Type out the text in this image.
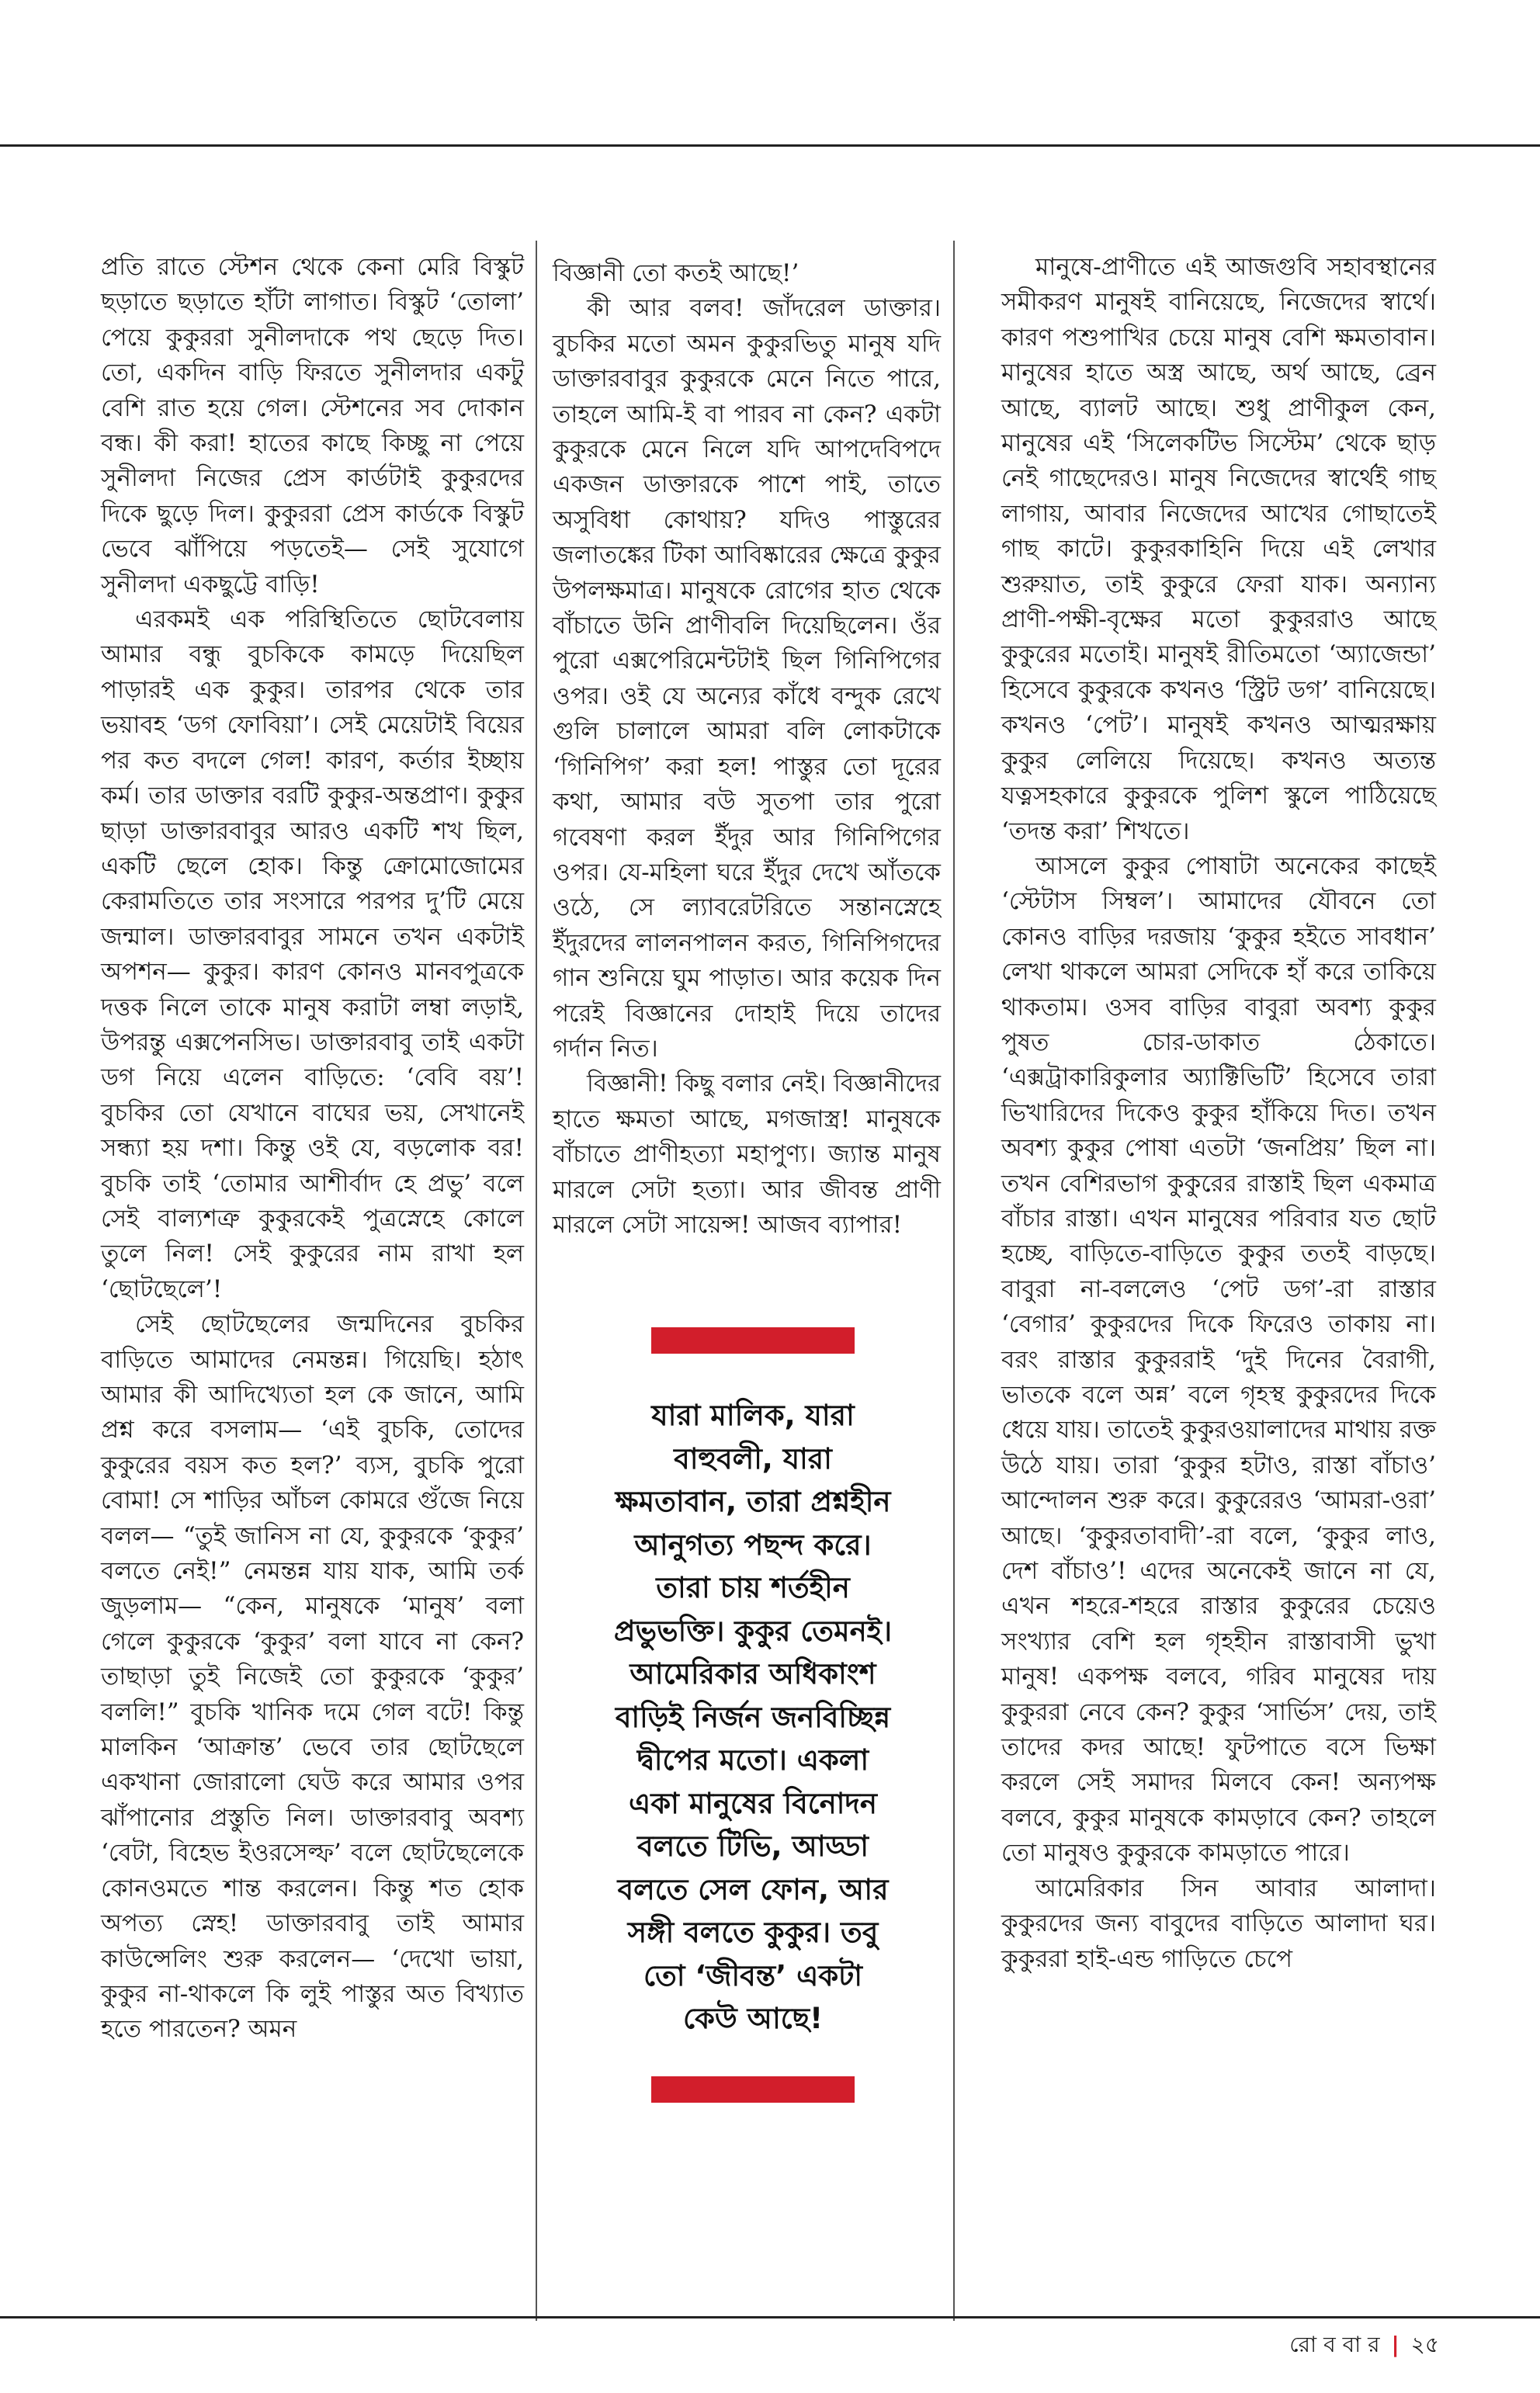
প্রতি রাতে স্টেশন থেকে কেনা মেরি বিস্কুট ছড়াতে ছড়াতে হাঁটা লাগাত। বিস্কুট ‘তোলা’ পেয়ে কুকুররা সুনীলদাকে পথ ছেড়ে দিত। তো, একদিন বাড়ি ফিরতে সুনীলদার একটু বেশি রাত হয়ে গেল। স্টেশনের সব দোকান বন্ধ। কী করা! হাতের কাছে কিচ্ছু না পেয়ে সুনীলদা নিজের প্রেস কার্ডটাই কুকুরদের দিকে ছুড়ে দিল। কুকুররা প্রেস কার্ডকে বিস্কুট ভেবে ঝাঁপিয়ে পড়তেই— সেই সুযোগে সুনীলদা একছুট্টে বাড়ি!

এরকমই এক পরিস্থিতিতে ছোটবেলায় আমার বন্ধু বুচকিকে কামড়ে দিয়েছিল পাড়ারই এক কুকুর। তারপর থেকে তার ভয়াবহ ‘ডগ ফোবিয়া’। সেই মেয়েটাই বিয়ের পর কত বদলে গেল! কারণ, কর্তার ইচ্ছায় কর্ম। তার ডাক্তার বরটি কুকুর-অন্তপ্রাণ। কুকুর ছাড়া ডাক্তারবাবুর আরও একটি শখ ছিল, একটি ছেলে হোক। কিন্তু ক্রোমোজোমের কেরামতিতে তার সংসারে পরপর দু’টি মেয়ে জন্মাল। ডাক্তারবাবুর সামনে তখন একটাই অপশন— কুকুর। কারণ কোনও মানবপুত্রকে দত্তক নিলে তাকে মানুষ করাটা লম্বা লড়াই, উপরন্তু এক্সপেনসিভ। ডাক্তারবাবু তাই একটা ডগ নিয়ে এলেন বাড়িতে: ‘বেবি বয়’! বুচকির তো যেখানে বাঘের ভয়, সেখানেই সন্ধ্যা হয় দশা। কিন্তু ওই যে, বড়লোক বর! বুচকি তাই ‘তোমার আশীর্বাদ হে প্রভু’ বলে সেই বাল্যশত্রু কুকুরকেই পুত্রস্নেহে কোলে তুলে নিল! সেই কুকুরের নাম রাখা হল ‘ছোটছেলে’!

সেই ছোটছেলের জন্মদিনের বুচকির বাড়িতে আমাদের নেমন্তন্ন। গিয়েছি। হঠাৎ আমার কী আদিখ্যেতা হল কে জানে, আমি প্রশ্ন করে বসলাম— ‘এই বুচকি, তোদের কুকুরের বয়স কত হল?’ ব্যস, বুচকি পুরো বোমা! সে শাড়ির আঁচল কোমরে গুঁজে নিয়ে বলল— “তুই জানিস না যে, কুকুরকে ‘কুকুর’ বলতে নেই!” নেমন্তন্ন যায় যাক, আমি তর্ক জুড়লাম— “কেন, মানুষকে ‘মানুষ’ বলা গেলে কুকুরকে ‘কুকুর’ বলা যাবে না কেন? তাছাড়া তুই নিজেই তো কুকুরকে ‘কুকুর’ বললি!” বুচকি খানিক দমে গেল বটে! কিন্তু মালকিন ‘আক্রান্ত’ ভেবে তার ছোটছেলে একখানা জোরালো ঘেউ করে আমার ওপর ঝাঁপানোর প্রস্তুতি নিল। ডাক্তারবাবু অবশ্য ‘বেটা, বিহেভ ইওরসেল্ফ’ বলে ছোটছেলেকে কোনওমতে শান্ত করলেন। কিন্তু শত হোক অপত্য স্নেহ! ডাক্তারবাবু তাই আমার কাউন্সেলিং শুরু করলেন— ‘দেখো ভায়া, কুকুর না-থাকলে কি লুই পাস্তুর অত বিখ্যাত হতে পারতেন? অমন

বিজ্ঞানী তো কতই আছে!’

কী আর বলব! জাঁদরেল ডাক্তার। বুচকির মতো অমন কুকুরভিতু মানুষ যদি ডাক্তারবাবুর কুকুরকে মেনে নিতে পারে, তাহলে আমি-ই বা পারব না কেন? একটা কুকুরকে মেনে নিলে যদি আপদেবিপদে একজন ডাক্তারকে পাশে পাই, তাতে অসুবিধা কোথায়? যদিও পাস্তুরের জলাতঙ্কের টিকা আবিষ্কারের ক্ষেত্রে কুকুর উপলক্ষমাত্র। মানুষকে রোগের হাত থেকে বাঁচাতে উনি প্রাণীবলি দিয়েছিলেন। ওঁর পুরো এক্সপেরিমেন্টটাই ছিল গিনিপিগের ওপর। ওই যে অন্যের কাঁধে বন্দুক রেখে গুলি চালালে আমরা বলি লোকটাকে ‘গিনিপিগ’ করা হল! পাস্তুর তো দূরের কথা, আমার বউ সুতপা তার পুরো গবেষণা করল ইঁদুর আর গিনিপিগের ওপর। যে-মহিলা ঘরে ইঁদুর দেখে আঁতকে ওঠে, সে ল্যাবরেটরিতে সন্তানস্নেহে ইঁদুরদের লালনপালন করত, গিনিপিগদের গান শুনিয়ে ঘুম পাড়াত। আর কয়েক দিন পরেই বিজ্ঞানের দোহাই দিয়ে তাদের গর্দান নিত।

বিজ্ঞানী! কিছু বলার নেই। বিজ্ঞানীদের হাতে ক্ষমতা আছে, মগজাস্ত্র! মানুষকে বাঁচাতে প্রাণীহত্যা মহাপুণ্য। জ্যান্ত মানুষ মারলে সেটা হত্যা। আর জীবন্ত প্রাণী মারলে সেটা সায়েন্স! আজব ব্যাপার!

যারা মালিক, যারা বাহুবলী, যারা ক্ষমতাবান, তারা প্রশ্নহীন আনুগত্য পছন্দ করে। তারা চায় শর্তহীন প্রভুভক্তি। কুকুর তেমনই। আমেরিকার অধিকাংশ বাড়িই নির্জন জনবিচ্ছিন্ন দ্বীপের মতো। একলা একা মানুষের বিনোদন বলতে টিভি, আড্ডা বলতে সেল ফোন, আর সঙ্গী বলতে কুকুর। তবু তো ‘জীবন্ত’ একটা কেউ আছে!

মানুষে-প্রাণীতে এই আজগুবি সহাবস্থানের সমীকরণ মানুষই বানিয়েছে, নিজেদের স্বার্থে। কারণ পশুপাখির চেয়ে মানুষ বেশি ক্ষমতাবান। মানুষের হাতে অস্ত্র আছে, অর্থ আছে, ব্রেন আছে, ব্যালট আছে। শুধু প্রাণীকুল কেন, মানুষের এই ‘সিলেকটিভ সিস্টেম’ থেকে ছাড় নেই গাছেদেরও। মানুষ নিজেদের স্বার্থেই গাছ লাগায়, আবার নিজেদের আখের গোছাতেই গাছ কাটে। কুকুরকাহিনি দিয়ে এই লেখার শুরুয়াত, তাই কুকুরে ফেরা যাক। অন্যান্য প্রাণী-পক্ষী-বৃক্ষের মতো কুকুররাও আছে কুকুরের মতোই। মানুষই রীতিমতো ‘অ্যাজেন্ডা’ হিসেবে কুকুরকে কখনও ‘স্ট্রিট ডগ’ বানিয়েছে। কখনও ‘পেট’। মানুষই কখনও আত্মরক্ষায় কুকুর লেলিয়ে দিয়েছে। কখনও অত্যন্ত যত্নসহকারে কুকুরকে পুলিশ স্কুলে পাঠিয়েছে ‘তদন্ত করা’ শিখতে।

আসলে কুকুর পোষাটা অনেকের কাছেই ‘স্টেটাস সিম্বল’। আমাদের যৌবনে তো কোনও বাড়ির দরজায় ‘কুকুর হইতে সাবধান’ লেখা থাকলে আমরা সেদিকে হাঁ করে তাকিয়ে থাকতাম। ওসব বাড়ির বাবুরা অবশ্য কুকুর পুষত চোর-ডাকাত ঠেকাতে। ‘এক্সট্রাকারিকুলার অ্যাক্টিভিটি’ হিসেবে তারা ভিখারিদের দিকেও কুকুর হাঁকিয়ে দিত। তখন অবশ্য কুকুর পোষা এতটা ‘জনপ্রিয়’ ছিল না। তখন বেশিরভাগ কুকুরের রাস্তাই ছিল একমাত্র বাঁচার রাস্তা। এখন মানুষের পরিবার যত ছোট হচ্ছে, বাড়িতে-বাড়িতে কুকুর ততই বাড়ছে। বাবুরা না-বললেও ‘পেট ডগ’-রা রাস্তার ‘বেগার’ কুকুরদের দিকে ফিরেও তাকায় না। বরং রাস্তার কুকুররাই ‘দুই দিনের বৈরাগী, ভাতকে বলে অন্ন’ বলে গৃহস্থ কুকুরদের দিকে ধেয়ে যায়। তাতেই কুকুরওয়ালাদের মাথায় রক্ত উঠে যায়। তারা ‘কুকুর হটাও, রাস্তা বাঁচাও’ আন্দোলন শুরু করে। কুকুরেরও ‘আমরা-ওরা’ আছে। ‘কুকুরতাবাদী’-রা বলে, ‘কুকুর লাও, দেশ বাঁচাও’! এদের অনেকেই জানে না যে, এখন শহরে-শহরে রাস্তার কুকুরের চেয়েও সংখ্যার বেশি হল গৃহহীন রাস্তাবাসী ভুখা মানুষ! একপক্ষ বলবে, গরিব মানুষের দায় কুকুররা নেবে কেন? কুকুর ‘সার্ভিস’ দেয়, তাই তাদের কদর আছে! ফুটপাতে বসে ভিক্ষা করলে সেই সমাদর মিলবে কেন! অন্যপক্ষ বলবে, কুকুর মানুষকে কামড়াবে কেন? তাহলে তো মানুষও কুকুরকে কামড়াতে পারে।

আমেরিকার সিন আবার আলাদা। কুকুরদের জন্য বাবুদের বাড়িতে আলাদা ঘর। কুকুররা হাই-এন্ড গাড়িতে চেপে

রো ব বা র | ২৫
